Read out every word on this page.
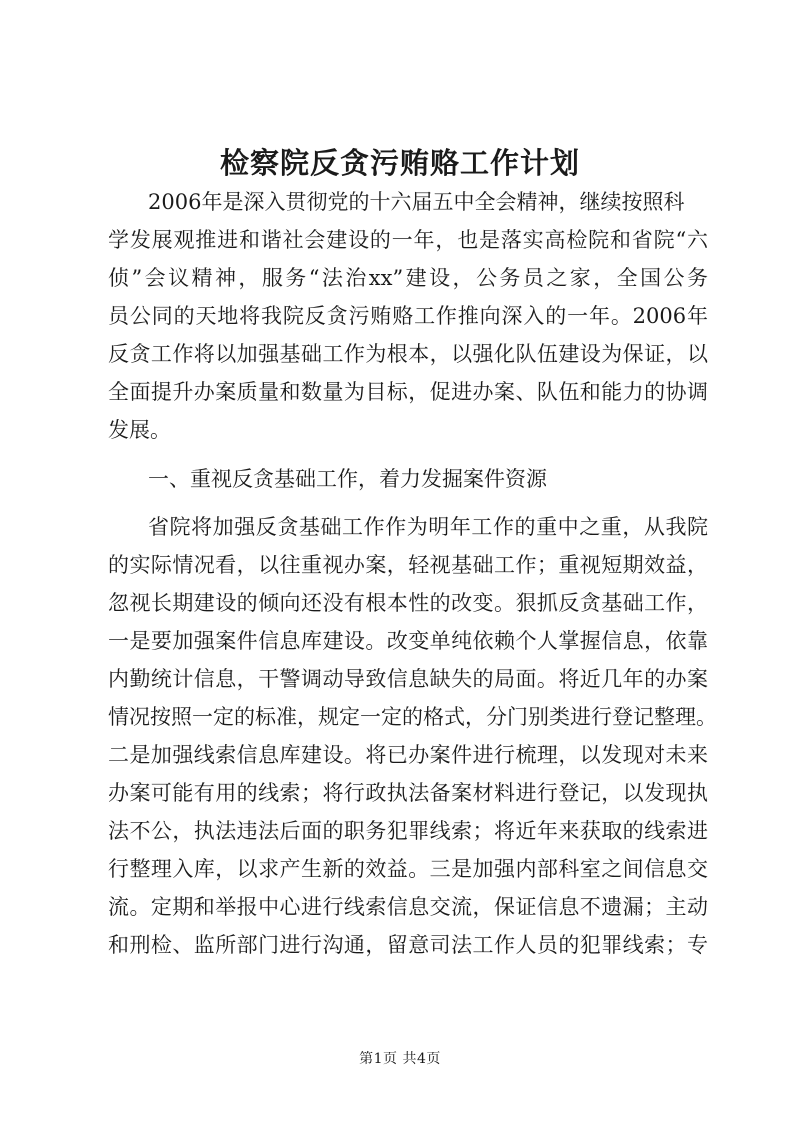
检察院反贪污贿赂工作计划
2006年是深入贯彻党的十六届五中全会精神，继续按照科
学发展观推进和谐社会建设的一年，也是落实高检院和省院“六
侦”会议精神，服务“法治xx”建设，公务员之家，全国公务
员公同的天地将我院反贪污贿赂工作推向深入的一年。2006年
反贪工作将以加强基础工作为根本，以强化队伍建设为保证，以
全面提升办案质量和数量为目标，促进办案、队伍和能力的协调
发展。
一、重视反贪基础工作，着力发掘案件资源
省院将加强反贪基础工作作为明年工作的重中之重，从我院
的实际情况看，以往重视办案，轻视基础工作；重视短期效益，
忽视长期建设的倾向还没有根本性的改变。狠抓反贪基础工作，
一是要加强案件信息库建设。改变单纯依赖个人掌握信息，依靠
内勤统计信息，干警调动导致信息缺失的局面。将近几年的办案
情况按照一定的标准，规定一定的格式，分门别类进行登记整理。
二是加强线索信息库建设。将已办案件进行梳理，以发现对未来
办案可能有用的线索；将行政执法备案材料进行登记，以发现执
法不公，执法违法后面的职务犯罪线索；将近年来获取的线索进
行整理入库，以求产生新的效益。三是加强内部科室之间信息交
流。定期和举报中心进行线索信息交流，保证信息不遗漏；主动
和刑检、监所部门进行沟通，留意司法工作人员的犯罪线索；专
第1页 共4页
